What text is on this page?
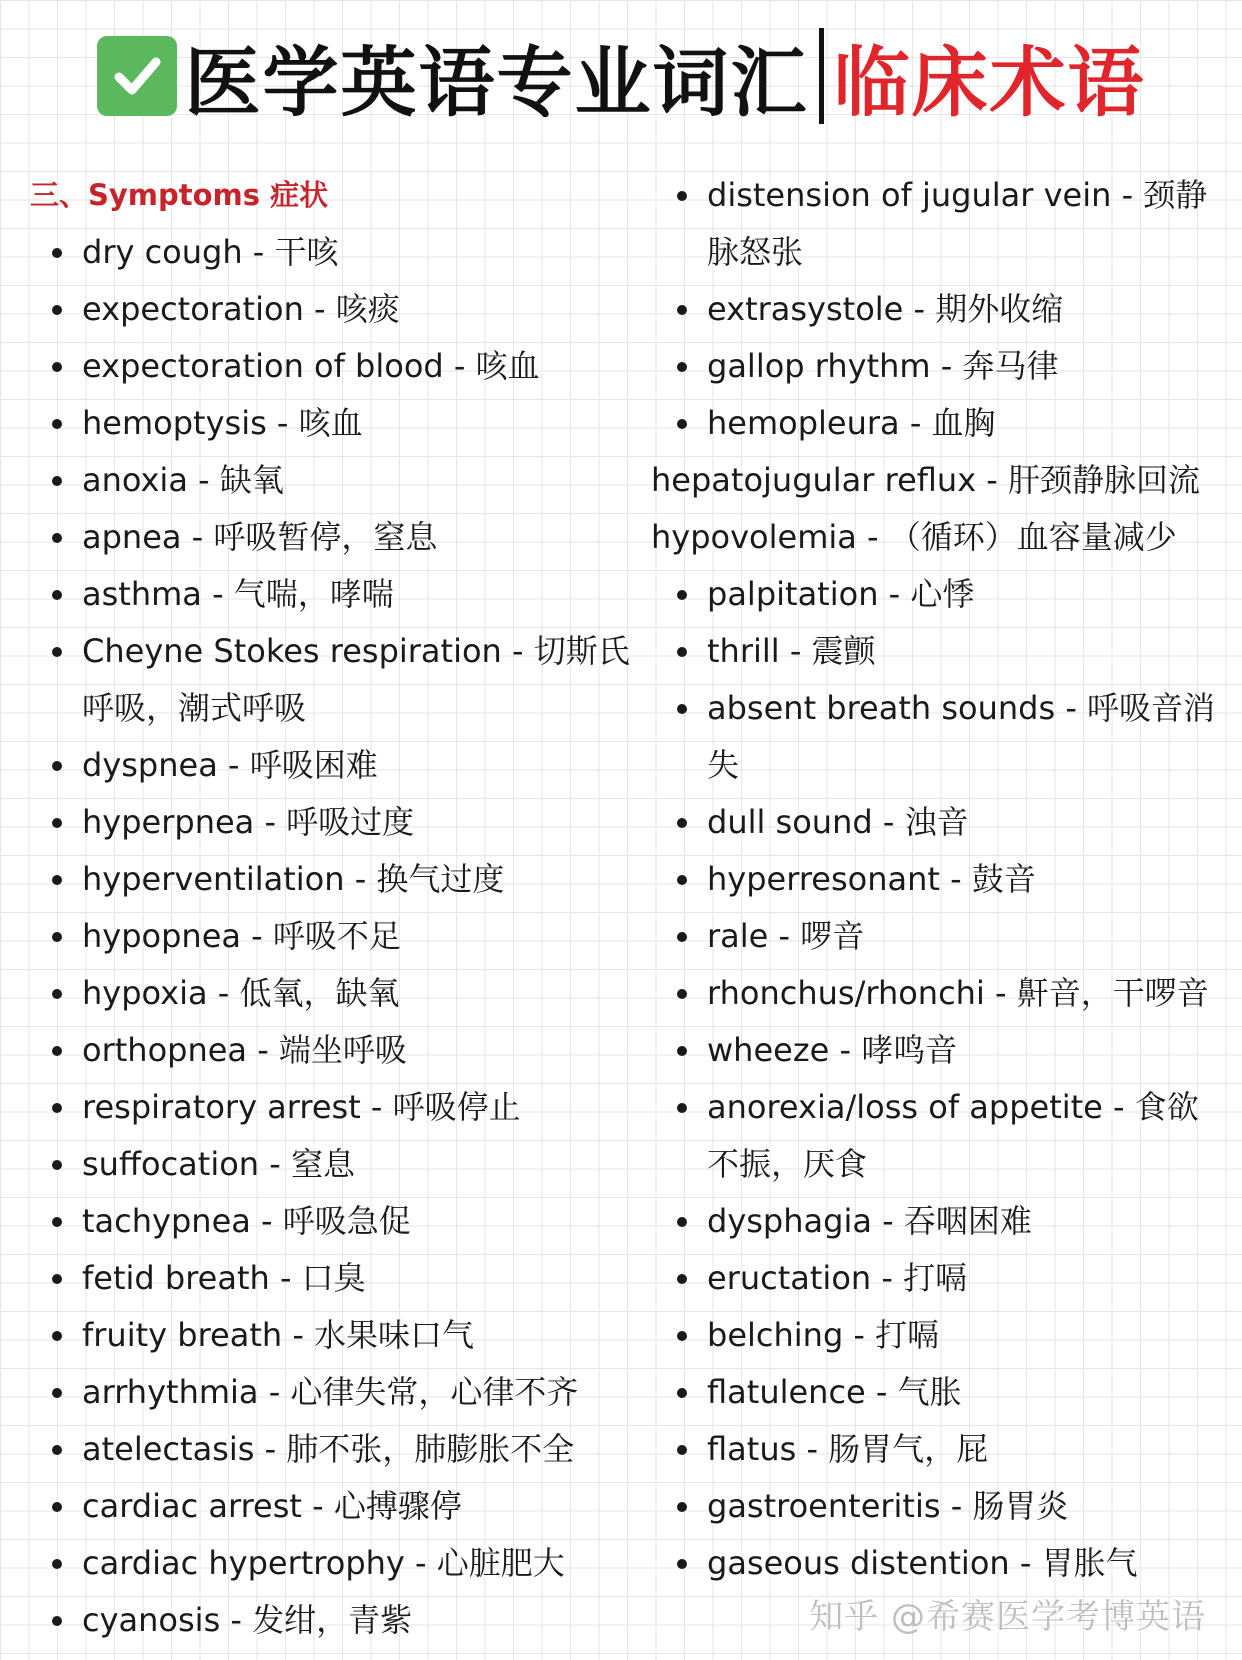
医学英语专业词汇 临床术语
三、Symptoms 症状
dry cough - 干咳
expectoration - 咳痰
expectoration of blood - 咳血
hemoptysis - 咳血
anoxia - 缺氧
apnea - 呼吸暂停，窒息
asthma - 气喘，哮喘
Cheyne Stokes respiration - 切斯氏呼吸，潮式呼吸
dyspnea - 呼吸困难
hyperpnea - 呼吸过度
hyperventilation - 换气过度
hypopnea - 呼吸不足
hypoxia - 低氧，缺氧
orthopnea - 端坐呼吸
respiratory arrest - 呼吸停止
suffocation - 窒息
tachypnea - 呼吸急促
fetid breath - 口臭
fruity breath - 水果味口气
arrhythmia - 心律失常，心律不齐
atelectasis - 肺不张，肺膨胀不全
cardiac arrest - 心搏骤停
cardiac hypertrophy - 心脏肥大
cyanosis - 发绀，青紫
distension of jugular vein - 颈静脉怒张
extrasystole - 期外收缩
gallop rhythm - 奔马律
hemopleura - 血胸
hepatojugular reflux - 肝颈静脉回流
hypovolemia - （循环）血容量减少
palpitation - 心悸
thrill - 震颤
absent breath sounds - 呼吸音消失
dull sound - 浊音
hyperresonant - 鼓音
rale - 啰音
rhonchus/rhonchi - 鼾音，干啰音
wheeze - 哮鸣音
anorexia/loss of appetite - 食欲不振，厌食
dysphagia - 吞咽困难
eructation - 打嗝
belching - 打嗝
flatulence - 气胀
flatus - 肠胃气，屁
gastroenteritis - 肠胃炎
gaseous distention - 胃胀气
知乎 @希赛医学考博英语
